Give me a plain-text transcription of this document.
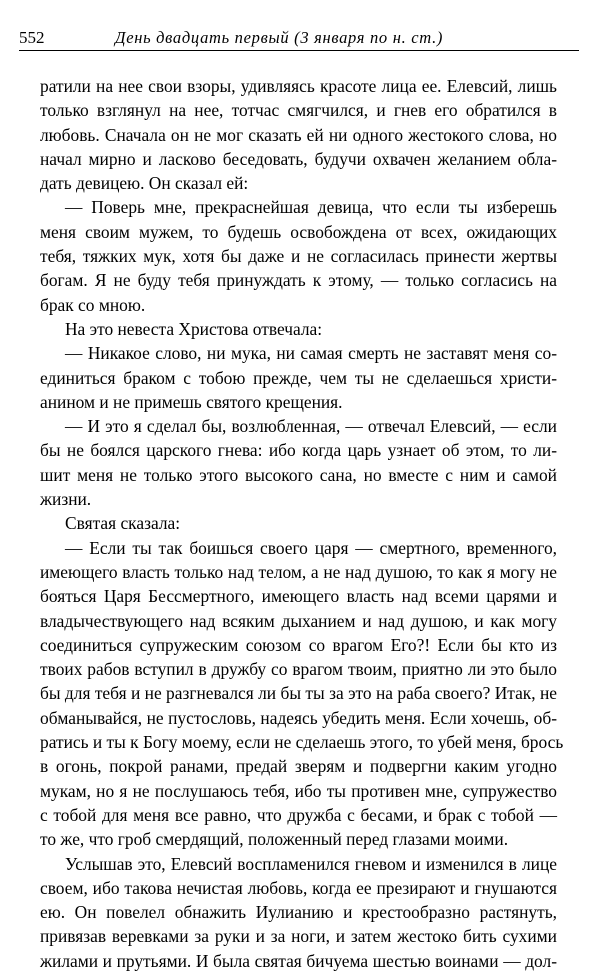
552	День двадцать первый (3 января по н. ст.)
ратили на нее свои взоры, удивляясь красоте лица ее. Елевсий, лишь
только взглянул на нее, тотчас смягчился, и гнев его обратился в
любовь. Сначала он не мог сказать ей ни одного жестокого слова, но
начал мирно и ласково беседовать, будучи охвачен желанием обла-
дать девицею. Он сказал ей:
— Поверь мне, прекраснейшая девица, что если ты изберешь
меня своим мужем, то будешь освобождена от всех, ожидающих
тебя, тяжких мук, хотя бы даже и не согласилась принести жертвы
богам. Я не буду тебя принуждать к этому, — только согласись на
брак со мною.
На это невеста Христова отвечала:
— Никакое слово, ни мука, ни самая смерть не заставят меня со-
единиться браком с тобою прежде, чем ты не сделаешься христи-
анином и не примешь святого крещения.
— И это я сделал бы, возлюбленная, — отвечал Елевсий, — если
бы не боялся царского гнева: ибо когда царь узнает об этом, то ли-
шит меня не только этого высокого сана, но вместе с ним и самой
жизни.
Святая сказала:
— Если ты так боишься своего царя — смертного, временного,
имеющего власть только над телом, а не над душою, то как я могу не
бояться Царя Бессмертного, имеющего власть над всеми царями и
владычествующего над всяким дыханием и над душою, и как могу
соединиться супружеским союзом со врагом Его?! Если бы кто из
твоих рабов вступил в дружбу со врагом твоим, приятно ли это было
бы для тебя и не разгневался ли бы ты за это на раба своего? Итак, не
обманывайся, не пустословь, надеясь убедить меня. Если хочешь, об-
ратись и ты к Богу моему, если не сделаешь этого, то убей меня, брось
в огонь, покрой ранами, предай зверям и подвергни каким угодно
мукам, но я не послушаюсь тебя, ибо ты противен мне, супружество
с тобой для меня все равно, что дружба с бесами, и брак с тобой —
то же, что гроб смердящий, положенный перед глазами моими.
Услышав это, Елевсий воспламенился гневом и изменился в лице
своем, ибо такова нечистая любовь, когда ее презирают и гнушаются
ею. Он повелел обнажить Иулианию и крестообразно растянуть,
привязав веревками за руки и за ноги, и затем жестоко бить сухими
жилами и прутьями. И была святая бичуема шестью воинами — дол-
